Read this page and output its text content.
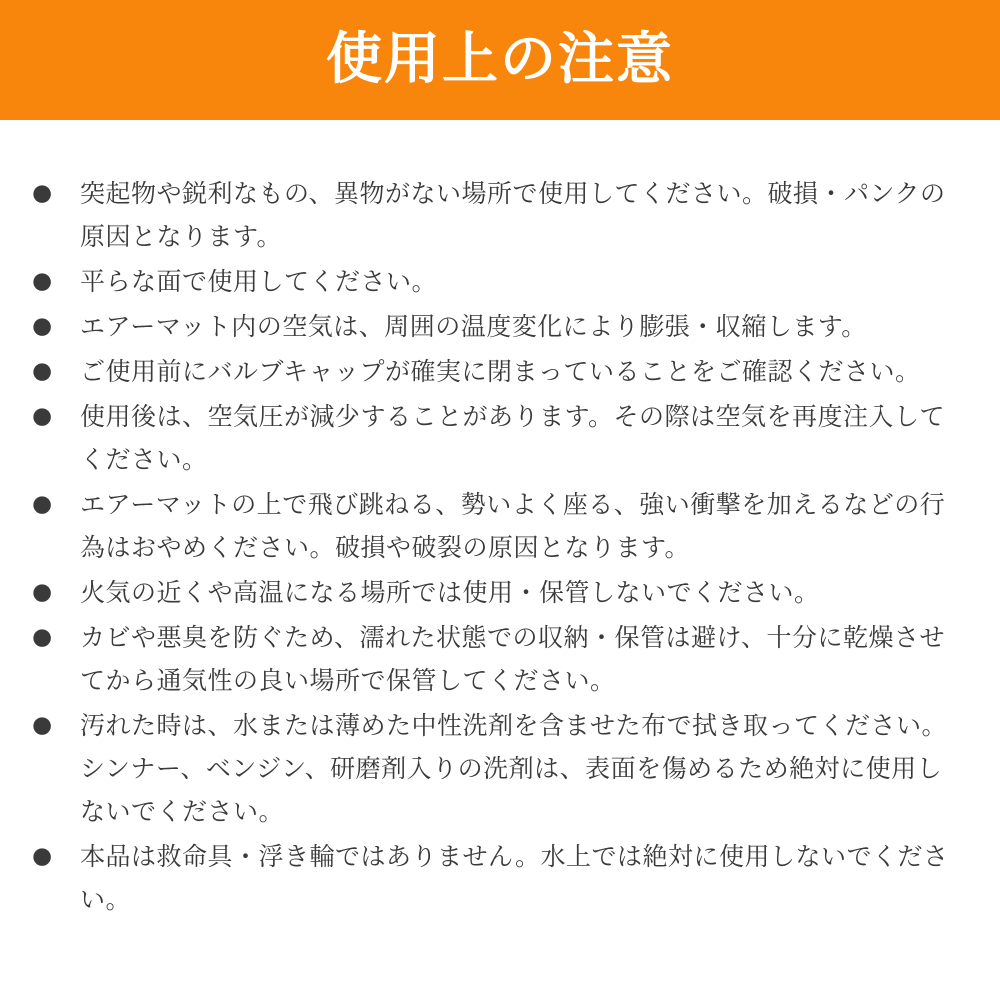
使用上の注意
●	突起物や鋭利なもの、異物がない場所で使用してください。破損・パンクの原因となります。
●	平らな面で使用してください。
●	エアーマット内の空気は、周囲の温度変化により膨張・収縮します。
●	ご使用前にバルブキャップが確実に閉まっていることをご確認ください。
●	使用後は、空気圧が減少することがあります。その際は空気を再度注入してください。
●	エアーマットの上で飛び跳ねる、勢いよく座る、強い衝撃を加えるなどの行為はおやめください。破損や破裂の原因となります。
●	火気の近くや高温になる場所では使用・保管しないでください。
●	カビや悪臭を防ぐため、濡れた状態での収納・保管は避け、十分に乾燥させてから通気性の良い場所で保管してください。
●	汚れた時は、水または薄めた中性洗剤を含ませた布で拭き取ってください。シンナー、ベンジン、研磨剤入りの洗剤は、表面を傷めるため絶対に使用しないでください。
●	本品は救命具・浮き輪ではありません。水上では絶対に使用しないでください。
